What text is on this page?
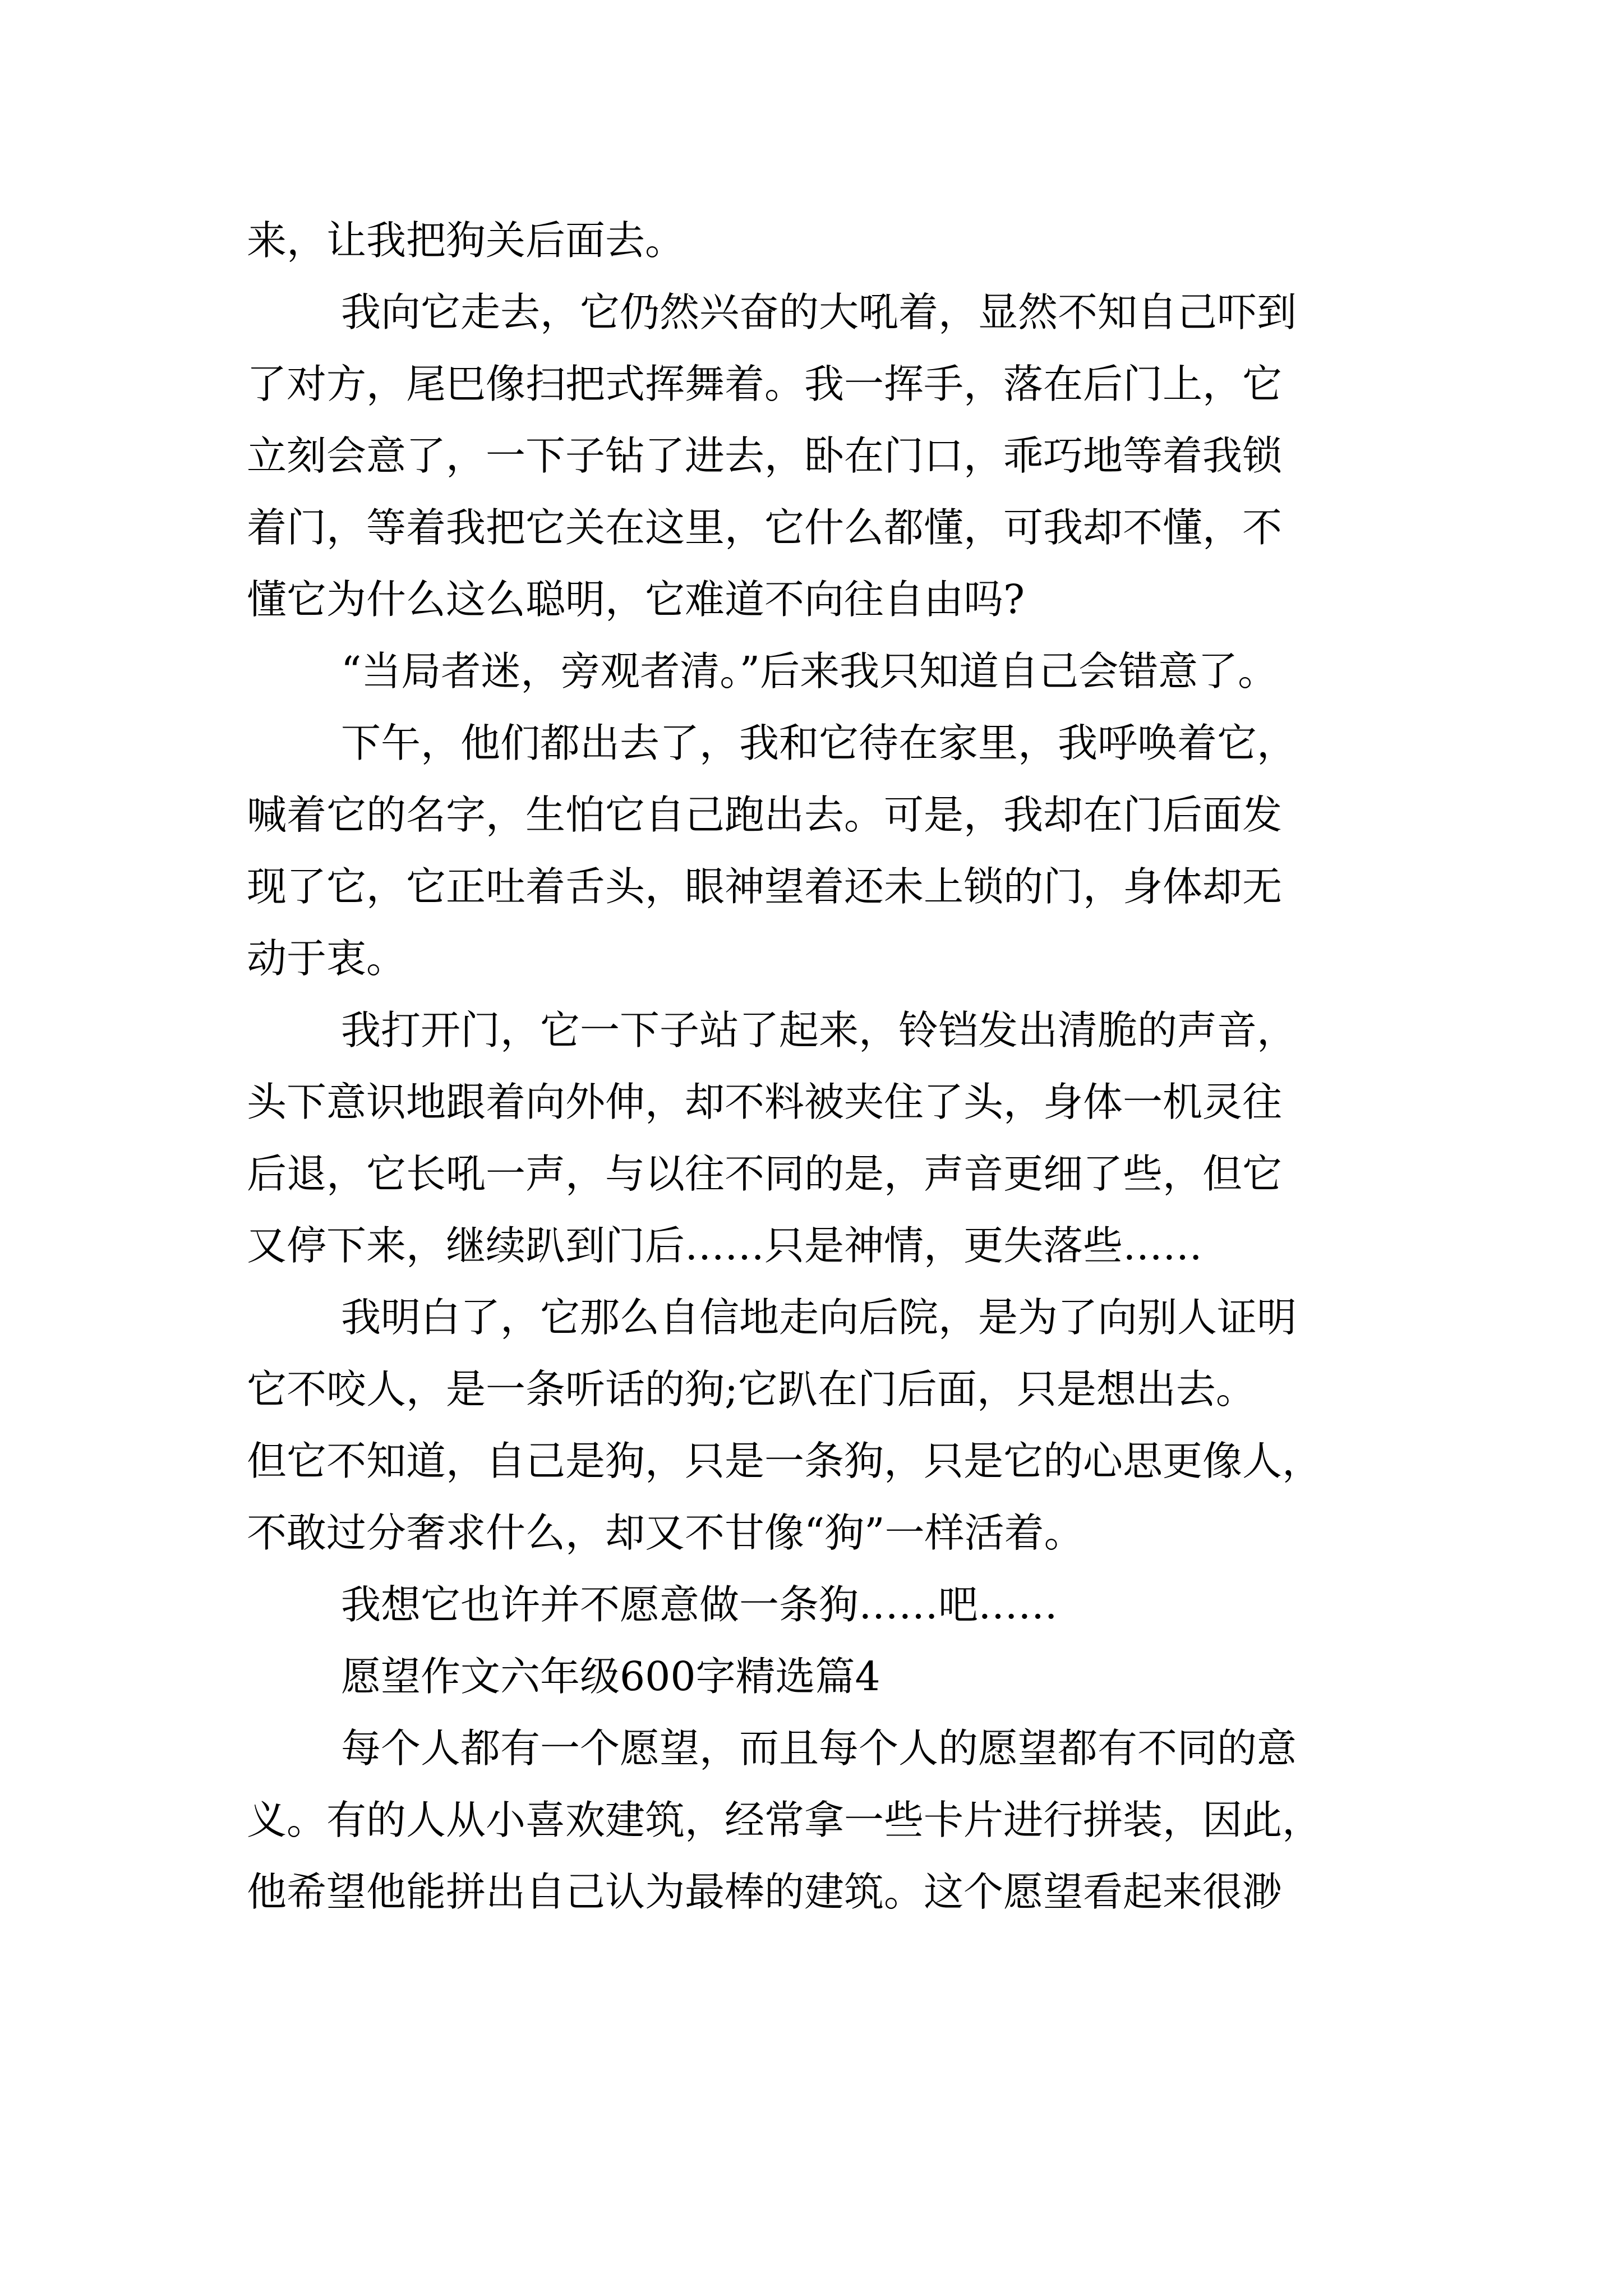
来，让我把狗关后面去。
我向它走去，它仍然兴奋的大吼着，显然不知自己吓到
了对方，尾巴像扫把式挥舞着。我一挥手，落在后门上，它
立刻会意了，一下子钻了进去，卧在门口，乖巧地等着我锁
着门，等着我把它关在这里，它什么都懂，可我却不懂，不
懂它为什么这么聪明，它难道不向往自由吗?
“当局者迷，旁观者清。”后来我只知道自己会错意了。
下午，他们都出去了，我和它待在家里，我呼唤着它，
喊着它的名字，生怕它自己跑出去。可是，我却在门后面发
现了它，它正吐着舌头，眼神望着还未上锁的门，身体却无
动于衷。
我打开门，它一下子站了起来，铃铛发出清脆的声音，
头下意识地跟着向外伸，却不料被夹住了头，身体一机灵往
后退，它长吼一声，与以往不同的是，声音更细了些，但它
又停下来，继续趴到门后……只是神情，更失落些……
我明白了，它那么自信地走向后院，是为了向别人证明
它不咬人，是一条听话的狗;它趴在门后面，只是想出去。
但它不知道，自己是狗，只是一条狗，只是它的心思更像人，
不敢过分奢求什么，却又不甘像“狗”一样活着。
我想它也许并不愿意做一条狗……吧……
愿望作文六年级600字精选篇4
每个人都有一个愿望，而且每个人的愿望都有不同的意
义。有的人从小喜欢建筑，经常拿一些卡片进行拼装，因此，
他希望他能拼出自己认为最棒的建筑。这个愿望看起来很渺
